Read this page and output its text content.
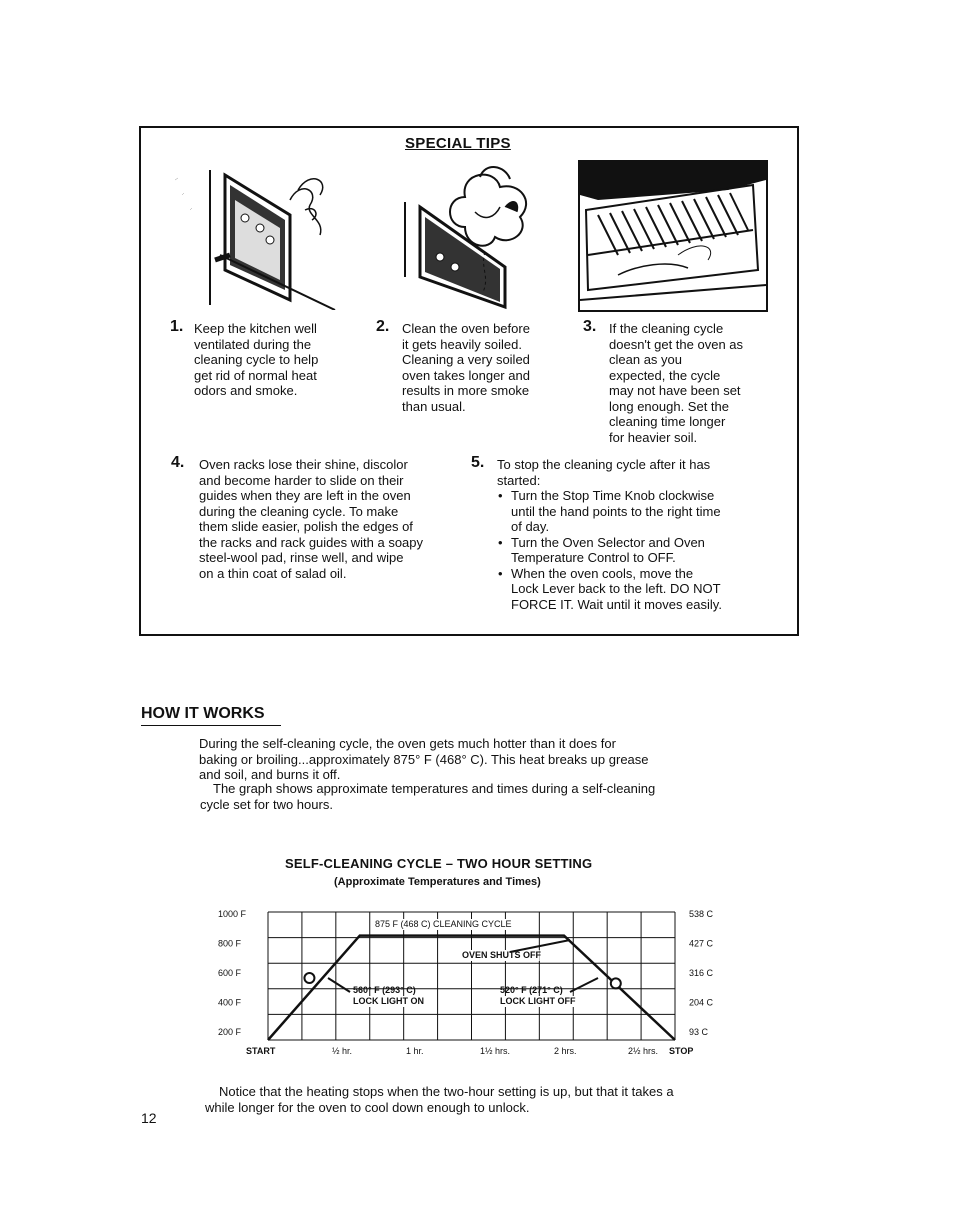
SPECIAL TIPS
1. Keep the kitchen well
ventilated during the
cleaning cycle to help
get rid of normal heat
odors and smoke.
2. Clean the oven before
it gets heavily soiled.
Cleaning a very soiled
oven takes longer and
results in more smoke
than usual.
3. If the cleaning cycle
doesn't get the oven as
clean as you
expected, the cycle
may not have been set
long enough. Set the
cleaning time longer
for heavier soil.
4. Oven racks lose their shine, discolor
and become harder to slide on their
guides when they are left in the oven
during the cleaning cycle. To make
them slide easier, polish the edges of
the racks and rack guides with a soapy
steel-wool pad, rinse well, and wipe
on a thin coat of salad oil.
5. To stop the cleaning cycle after it has
started:
• Turn the Stop Time Knob clockwise
until the hand points to the right time
of day.
• Turn the Oven Selector and Oven
Temperature Control to OFF.
• When the oven cools, move the
Lock Lever back to the left. DO NOT
FORCE IT. Wait until it moves easily.
HOW IT WORKS
During the self-cleaning cycle, the oven gets much hotter than it does for
baking or broiling...approximately 875° F (468° C). This heat breaks up grease
and soil, and burns it off.
The graph shows approximate temperatures and times during a self-cleaning
cycle set for two hours.
SELF-CLEANING CYCLE – TWO HOUR SETTING
(Approximate Temperatures and Times)
875 F (468 C) CLEANING CYCLE
OVEN SHUTS OFF
560° F (293° C)
LOCK LIGHT ON
520° F (271° C)
LOCK LIGHT OFF
1000 F
800 F
600 F
400 F
200 F
538 C
427 C
316 C
204 C
93 C
START	½ hr.	1 hr.	1½ hrs.	2 hrs.	2½ hrs. STOP
Notice that the heating stops when the two-hour setting is up, but that it takes a
while longer for the oven to cool down enough to unlock.
12
